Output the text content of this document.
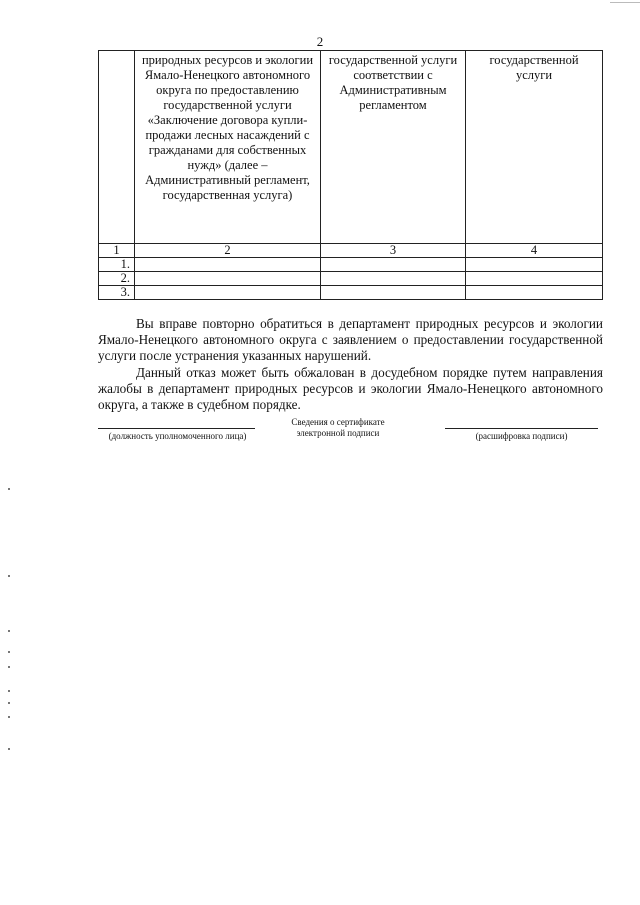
2
	природных ресурсов и экологии Ямало-Ненецкого автономного округа по предоставлению государственной услуги «Заключение договора купли-продажи лесных насаждений с гражданами для собственных нужд» (далее – Административный регламент, государственная услуга)	государственной услуги соответствии с Административным регламентом	государственной услуги
1	2	3	4
1.			
2.			
3.			

Вы вправе повторно обратиться в департамент природных ресурсов и экологии Ямало-Ненецкого автономного округа с заявлением о предоставлении государственной услуги после устранения указанных нарушений.

Данный отказ может быть обжалован в досудебном порядке путем направления жалобы в департамент природных ресурсов и экологии Ямало-Ненецкого автономного округа, а также в судебном порядке.

(должность уполномоченного лица)
Сведения о сертификате электронной подписи	(расшифровка подписи)
